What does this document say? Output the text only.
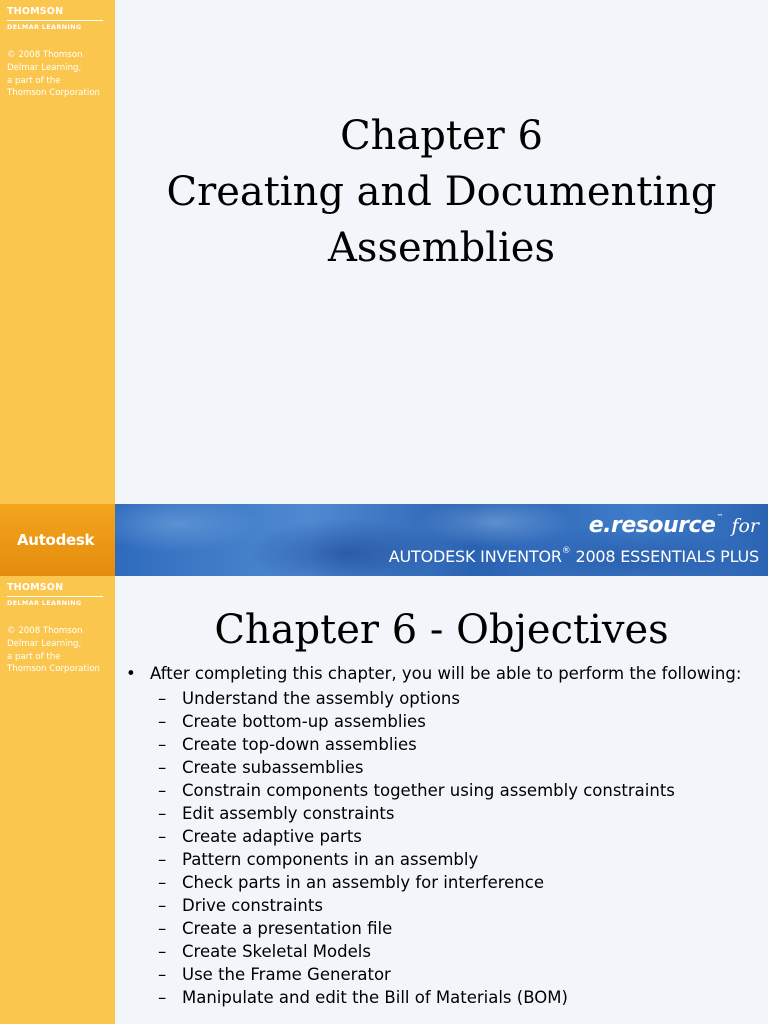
THOMSON
DELMAR LEARNING
© 2008 Thomson
Delmar Learning,
a part of the
Thomson Corporation
Chapter 6
Creating and Documenting
Assemblies
Autodesk
e.resource™ for
AUTODESK INVENTOR® 2008 ESSENTIALS PLUS
THOMSON
DELMAR LEARNING
© 2008 Thomson
Delmar Learning,
a part of the
Thomson Corporation
Chapter 6 - Objectives
• After completing this chapter, you will be able to perform the following:
– Understand the assembly options
– Create bottom-up assemblies
– Create top-down assemblies
– Create subassemblies
– Constrain components together using assembly constraints
– Edit assembly constraints
– Create adaptive parts
– Pattern components in an assembly
– Check parts in an assembly for interference
– Drive constraints
– Create a presentation file
– Create Skeletal Models
– Use the Frame Generator
– Manipulate and edit the Bill of Materials (BOM)
